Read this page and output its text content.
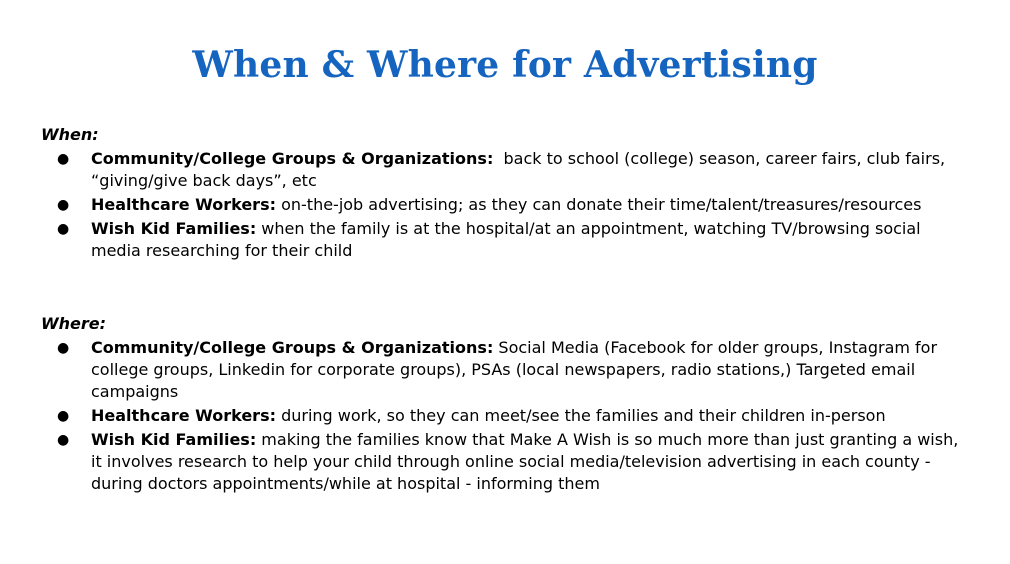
When & Where for Advertising
When:
● Community/College Groups & Organizations:  back to school (college) season, career fairs, club fairs, “giving/give back days”, etc
● Healthcare Workers: on-the-job advertising; as they can donate their time/talent/treasures/resources
● Wish Kid Families: when the family is at the hospital/at an appointment, watching TV/browsing social media researching for their child
Where:
● Community/College Groups & Organizations: Social Media (Facebook for older groups, Instagram for college groups, Linkedin for corporate groups), PSAs (local newspapers, radio stations,) Targeted email campaigns
● Healthcare Workers: during work, so they can meet/see the families and their children in-person
● Wish Kid Families: making the families know that Make A Wish is so much more than just granting a wish, it involves research to help your child through online social media/television advertising in each county - during doctors appointments/while at hospital - informing them
